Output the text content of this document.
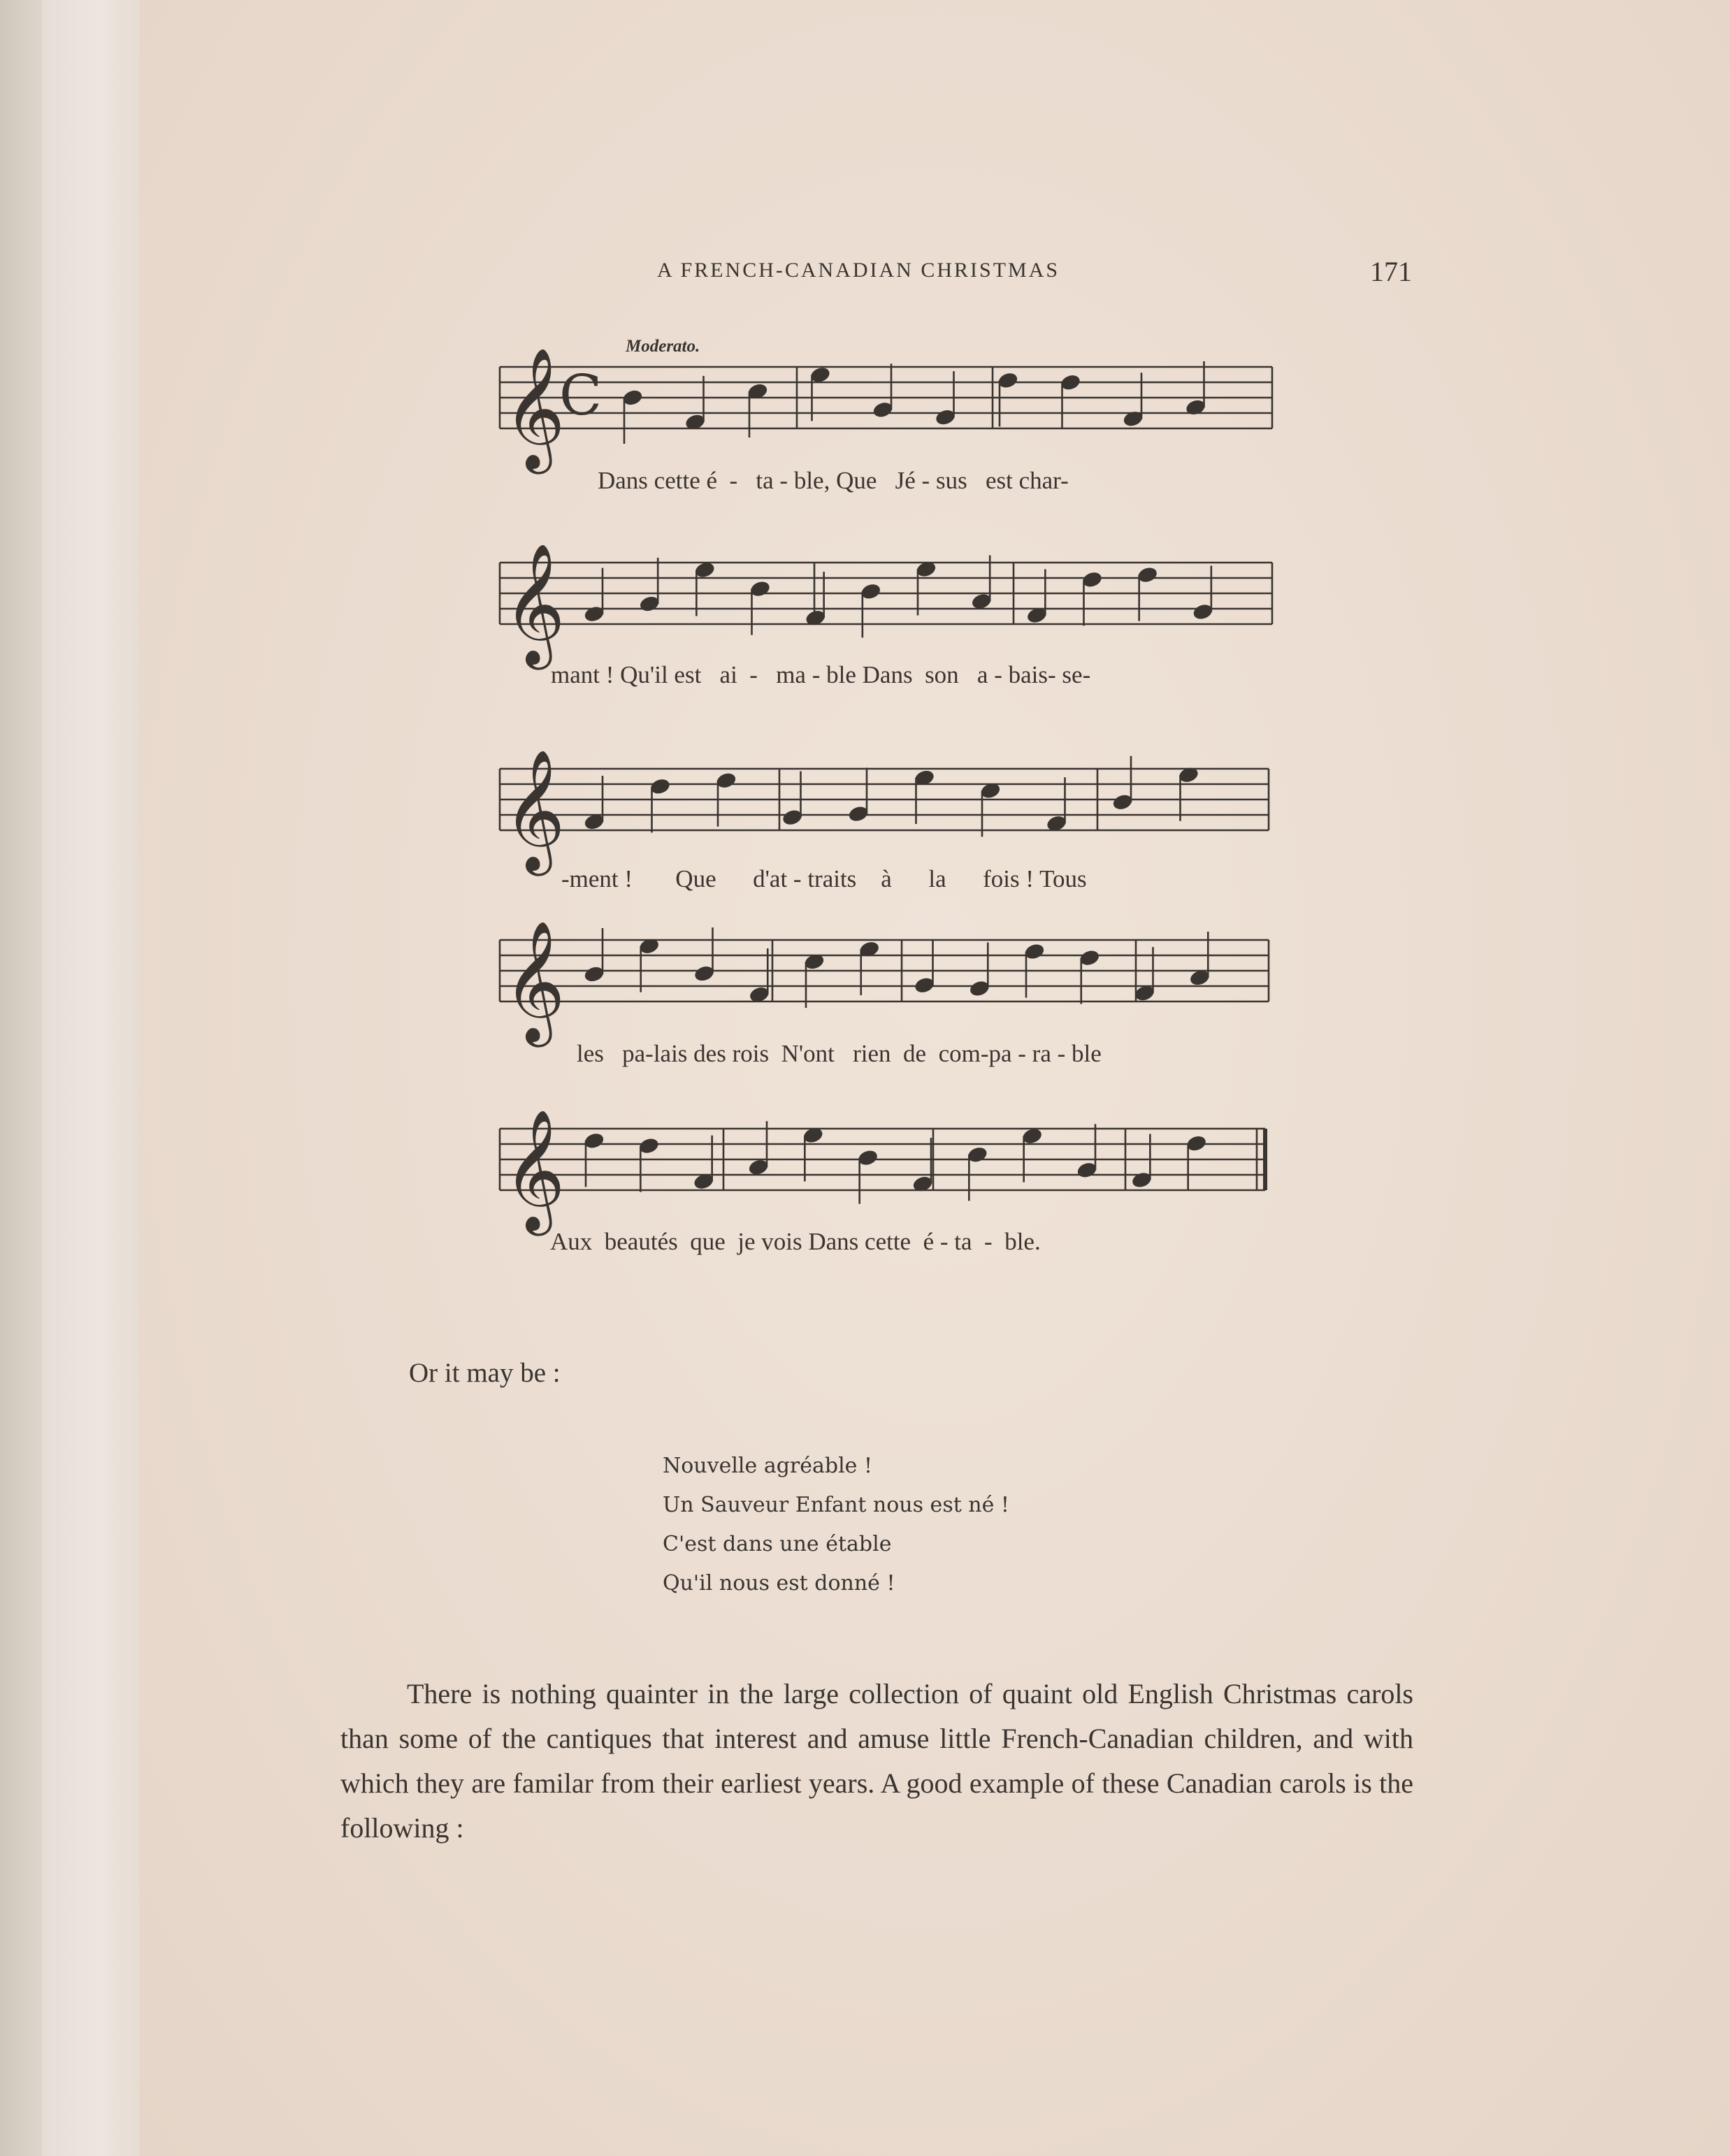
A FRENCH-CANADIAN CHRISTMAS	171
Moderato.
𝄞
C
𝄞
𝄞
𝄞
𝄞
Dans cette é  -   ta - ble, Que   Jé - sus   est char-
mant ! Qu'il est   ai  -   ma - ble Dans  son   a - bais- se-
-ment !       Que      d'at - traits    à      la      fois ! Tous
les   pa-lais des rois  N'ont   rien  de  com-pa - ra - ble
Aux  beautés  que  je vois Dans cette  é - ta  -  ble.
Or it may be :
Nouvelle agréable !
Un Sauveur Enfant nous est né !
C'est dans une étable
Qu'il nous est donné !

There is nothing quainter in the large collection of quaint old English Christmas carols than some of the cantiques that interest and amuse little French-Canadian children, and with which they are familar from their earliest years. A good example of these Canadian carols is the following :
